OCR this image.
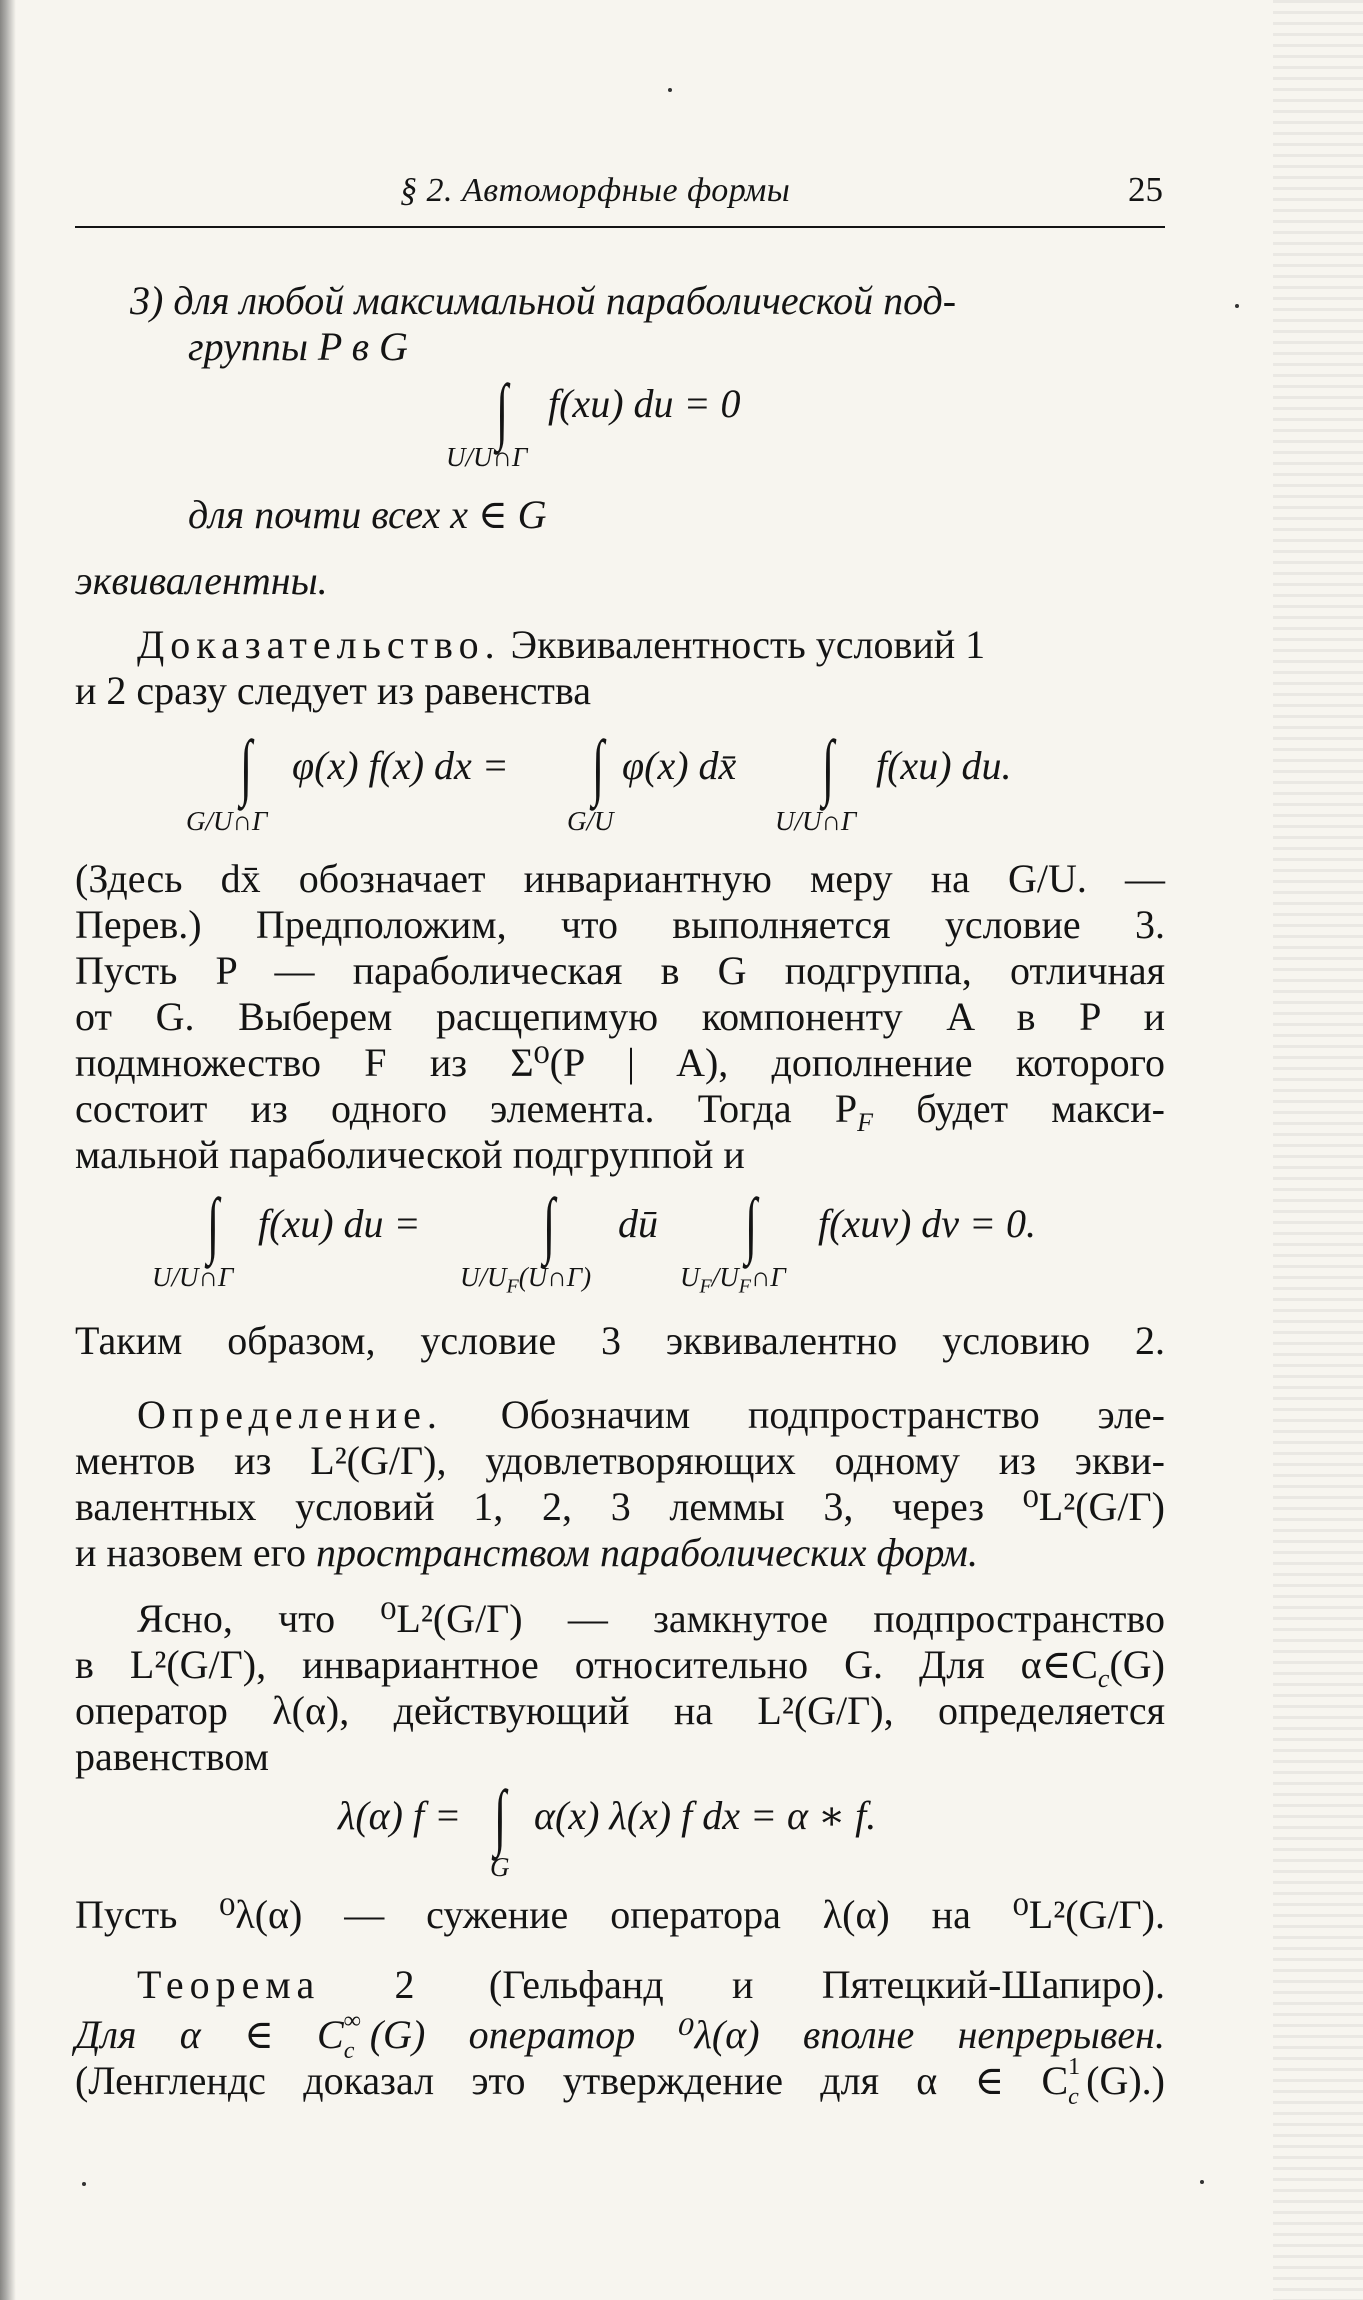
§ 2. Автоморфные формы	25
3) для любой максимальной параболической под-
группы P в G
∫ f(xu) du = 0
U/U∩Γ
для почти всех x ∈ G
эквивалентны.
Доказательство. Эквивалентность условий 1
и 2 сразу следует из равенства
∫ φ(x) f(x) dx =
G/U∩Γ
∫ φ(x) dx̄
G/U
∫ f(xu) du.
U/U∩Γ
(Здесь dx̄ обозначает инвариантную меру на G/U. —
Перев.) Предположим, что выполняется условие 3.
Пусть P — параболическая в G подгруппа, отличная
от G. Выберем расщепимую компоненту A в P и
подмножество F из Σ⁰(P | A), дополнение которого
состоит из одного элемента. Тогда $P_F$ будет макси-
мальной параболической подгруппой и
∫ f(xu) du =
U/U∩Γ
∫ dū
$U/U_F(U\cap\Gamma)$
∫ f(xuv) dv = 0.
$U_F/U_F\cap\Gamma$
Таким образом, условие 3 эквивалентно условию 2.
Определение. Обозначим подпространство эле-
ментов из L²(G/Γ), удовлетворяющих одному из экви-
валентных условий 1, 2, 3 леммы 3, через ⁰L²(G/Γ)
и назовем его пространством параболических форм.
Ясно, что ⁰L²(G/Γ) — замкнутое подпространство
в L²(G/Γ), инвариантное относительно G. Для $\alpha\in C_c(G)$
оператор λ(α), действующий на L²(G/Γ), определяется
равенством
λ(α) f = ∫ α(x) λ(x) f dx = α ∗ f.
G
Пусть ⁰λ(α) — сужение оператора λ(α) на ⁰L²(G/Γ).
Теорема 2 (Гельфанд и Пятецкий-Шапиро).
Для α ∈ C ∞
c (G) оператор ⁰λ(α) вполне непрерывен.
(Ленглендс доказал это утверждение для α ∈ C 1
c (G).)
